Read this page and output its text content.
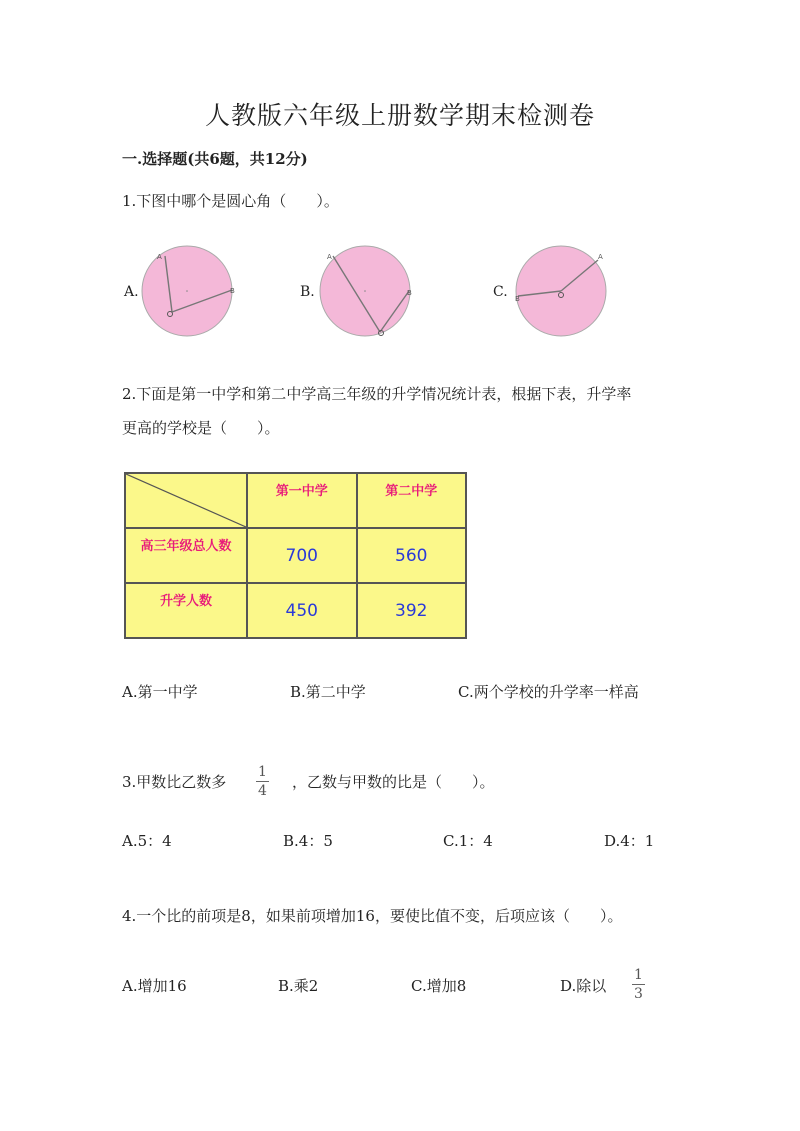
人教版六年级上册数学期末检测卷
一.选择题(共6题，共12分)
1.下图中哪个是圆心角（　　）。
A.
A
B	B.
A
B	C.
A
B
2.下面是第一中学和第二中学高三年级的升学情况统计表，根据下表，升学率
更高的学校是（　　）。
	第一中学	第二中学
高三年级总人数	700	560
升学人数	450	392
A.第一中学	B.第二中学	C.两个学校的升学率一样高
3.甲数比乙数多
1
4 ，乙数与甲数的比是（　　）。
A.5：4	B.4：5	C.1：4	D.4：1
4.一个比的前项是8，如果前项增加16，要使比值不变，后项应该（　　）。
A.增加16	B.乘2	C.增加8	D.除以
1
3
